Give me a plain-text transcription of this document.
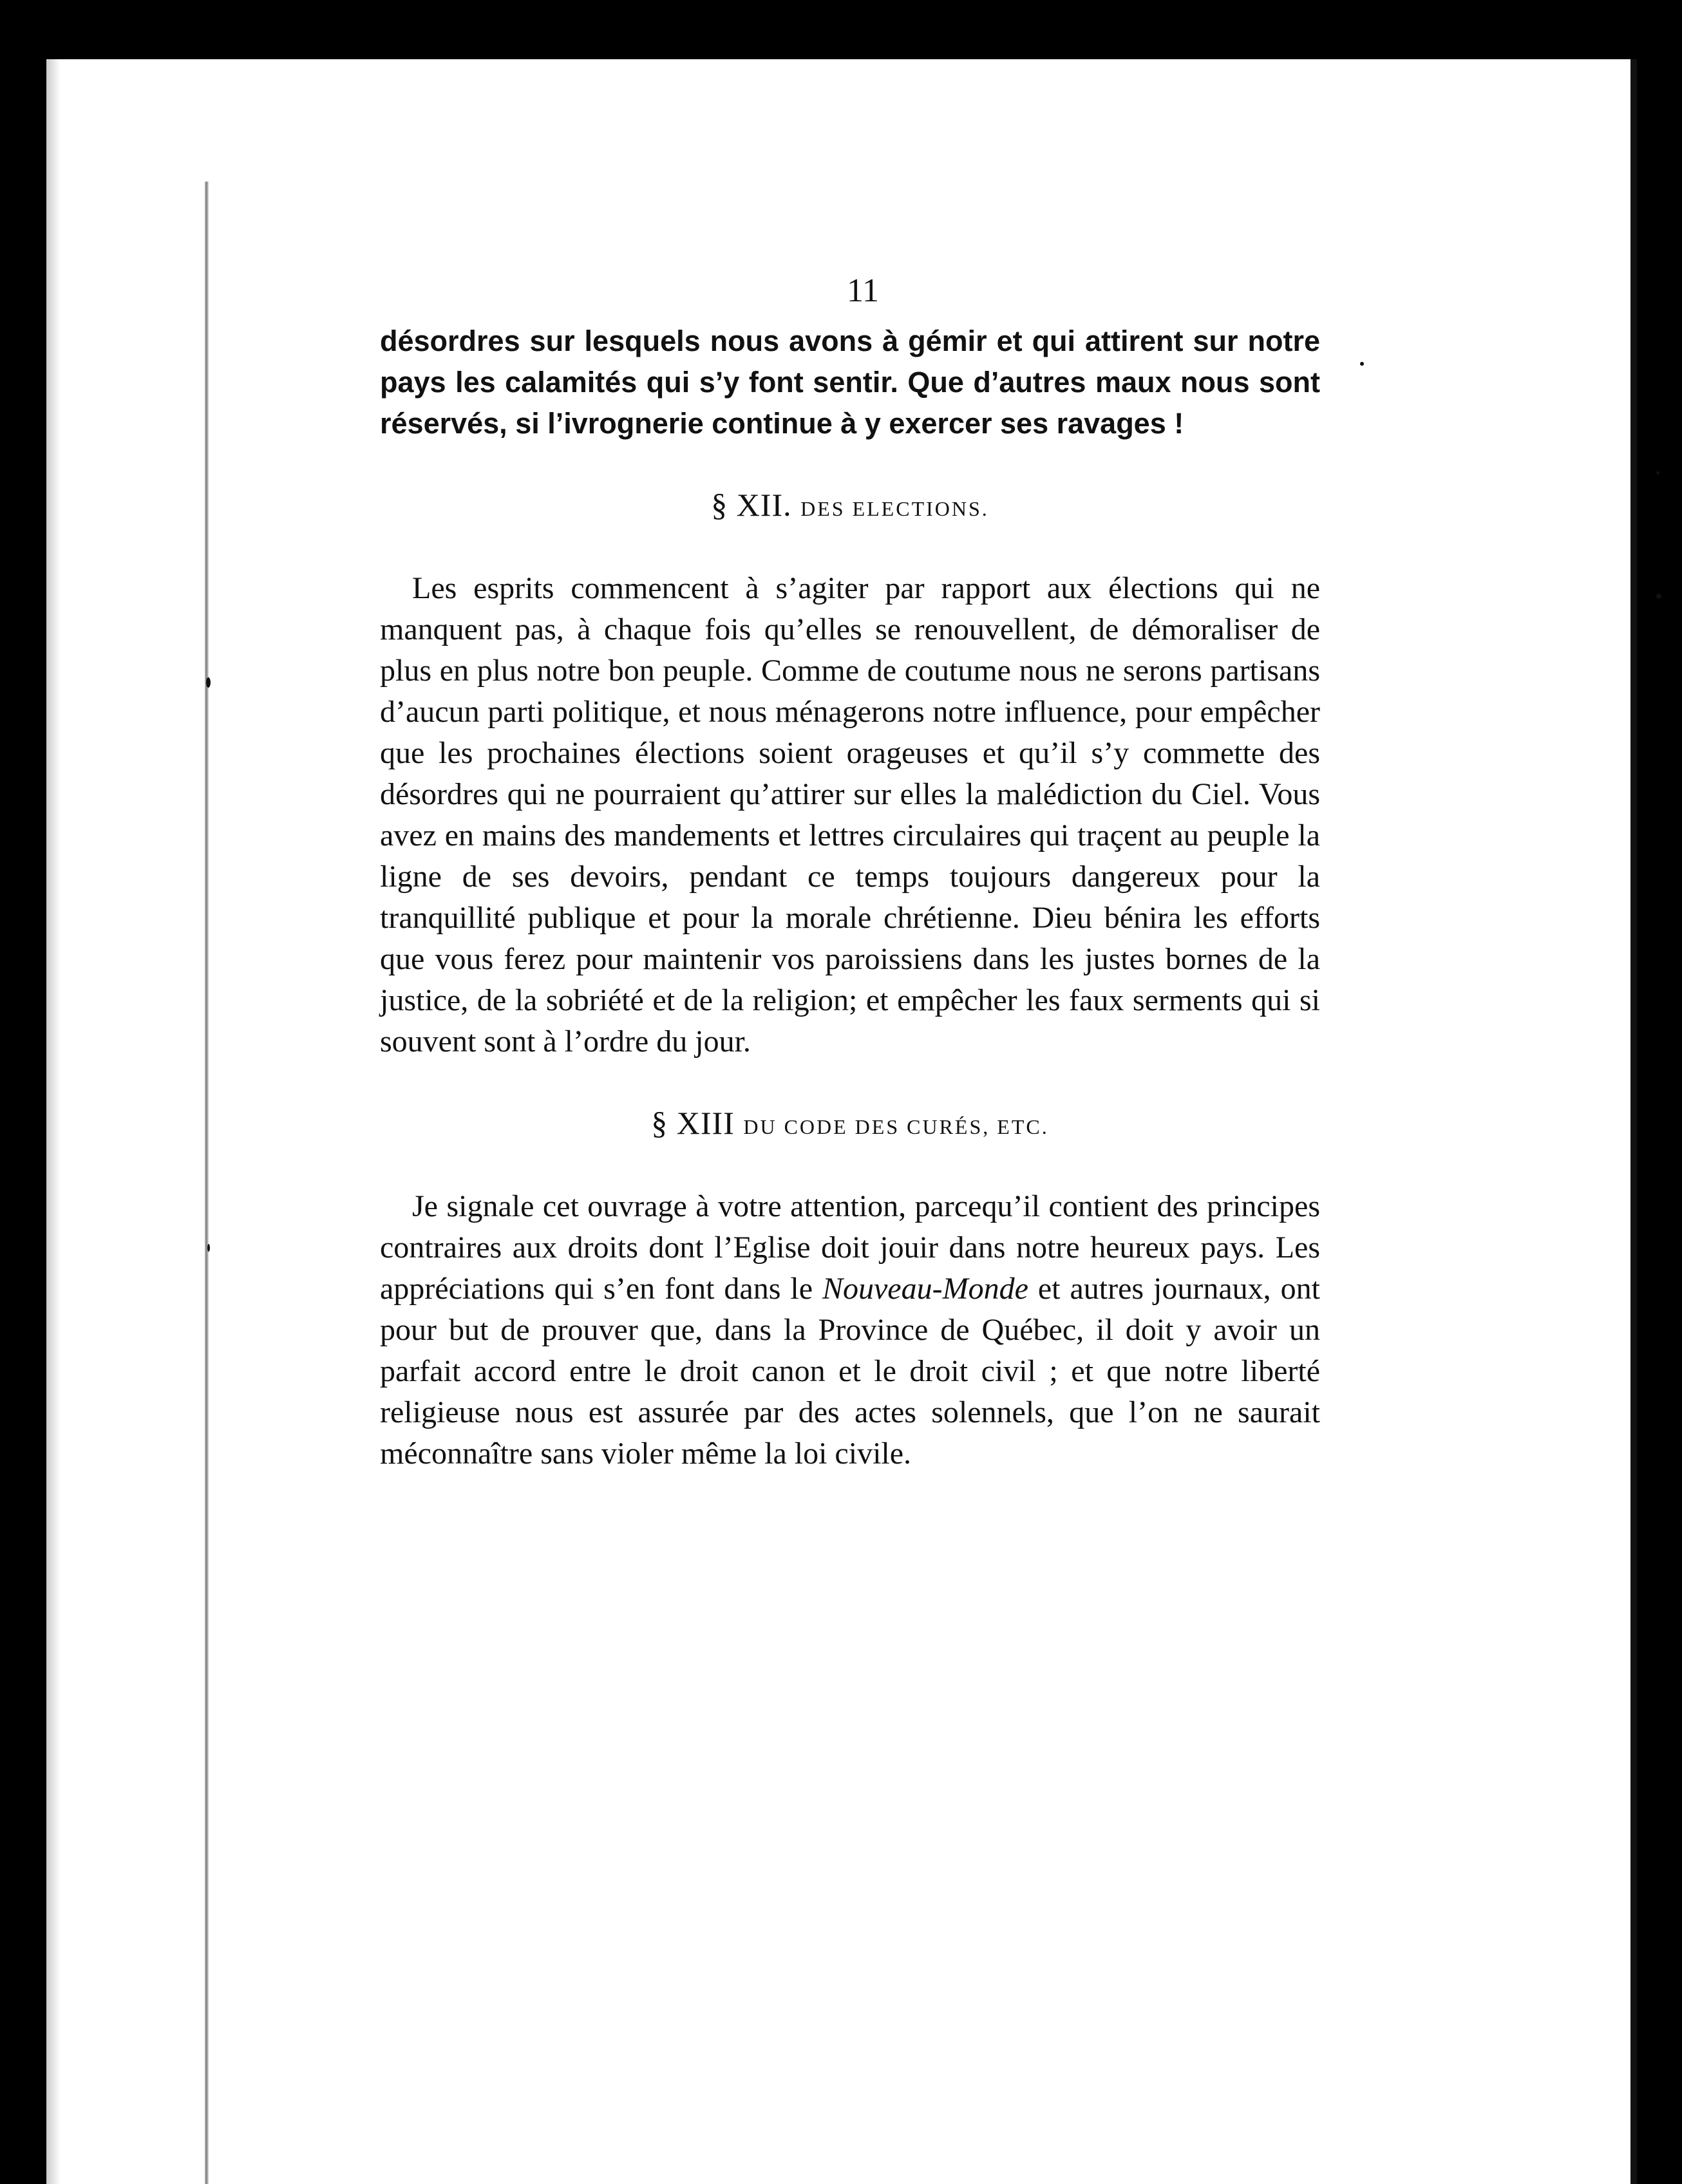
11

désordres sur lesquels nous avons à gémir et qui attirent sur notre pays les calamités qui s’y font sentir. Que d’autres maux nous sont réservés, si l’ivrognerie continue à y exercer ses ravages !

§ XII. DES ELECTIONS.

Les esprits commencent à s’agiter par rapport aux élections qui ne manquent pas, à chaque fois qu’elles se renouvellent, de démoraliser de plus en plus notre bon peuple. Comme de coutume nous ne serons partisans d’aucun parti politique, et nous ménagerons notre influence, pour empêcher que les prochaines élections soient orageuses et qu’il s’y commette des désordres qui ne pourraient qu’attirer sur elles la malédiction du Ciel. Vous avez en mains des mandements et lettres circulaires qui traçent au peuple la ligne de ses devoirs, pendant ce temps toujours dangereux pour la tranquillité publique et pour la morale chrétienne. Dieu bénira les efforts que vous ferez pour maintenir vos paroissiens dans les justes bornes de la justice, de la sobriété et de la religion; et empêcher les faux serments qui si souvent sont à l’ordre du jour.

§ XIII DU CODE DES CURÉS, ETC.

Je signale cet ouvrage à votre attention, parcequ’il contient des principes contraires aux droits dont l’Eglise doit jouir dans notre heureux pays. Les appréciations qui s’en font dans le Nouveau-Monde et autres journaux, ont pour but de prouver que, dans la Province de Québec, il doit y avoir un parfait accord entre le droit canon et le droit civil ; et que notre liberté religieuse nous est assurée par des actes solennels, que l’on ne saurait méconnaître sans violer même la loi civile.
